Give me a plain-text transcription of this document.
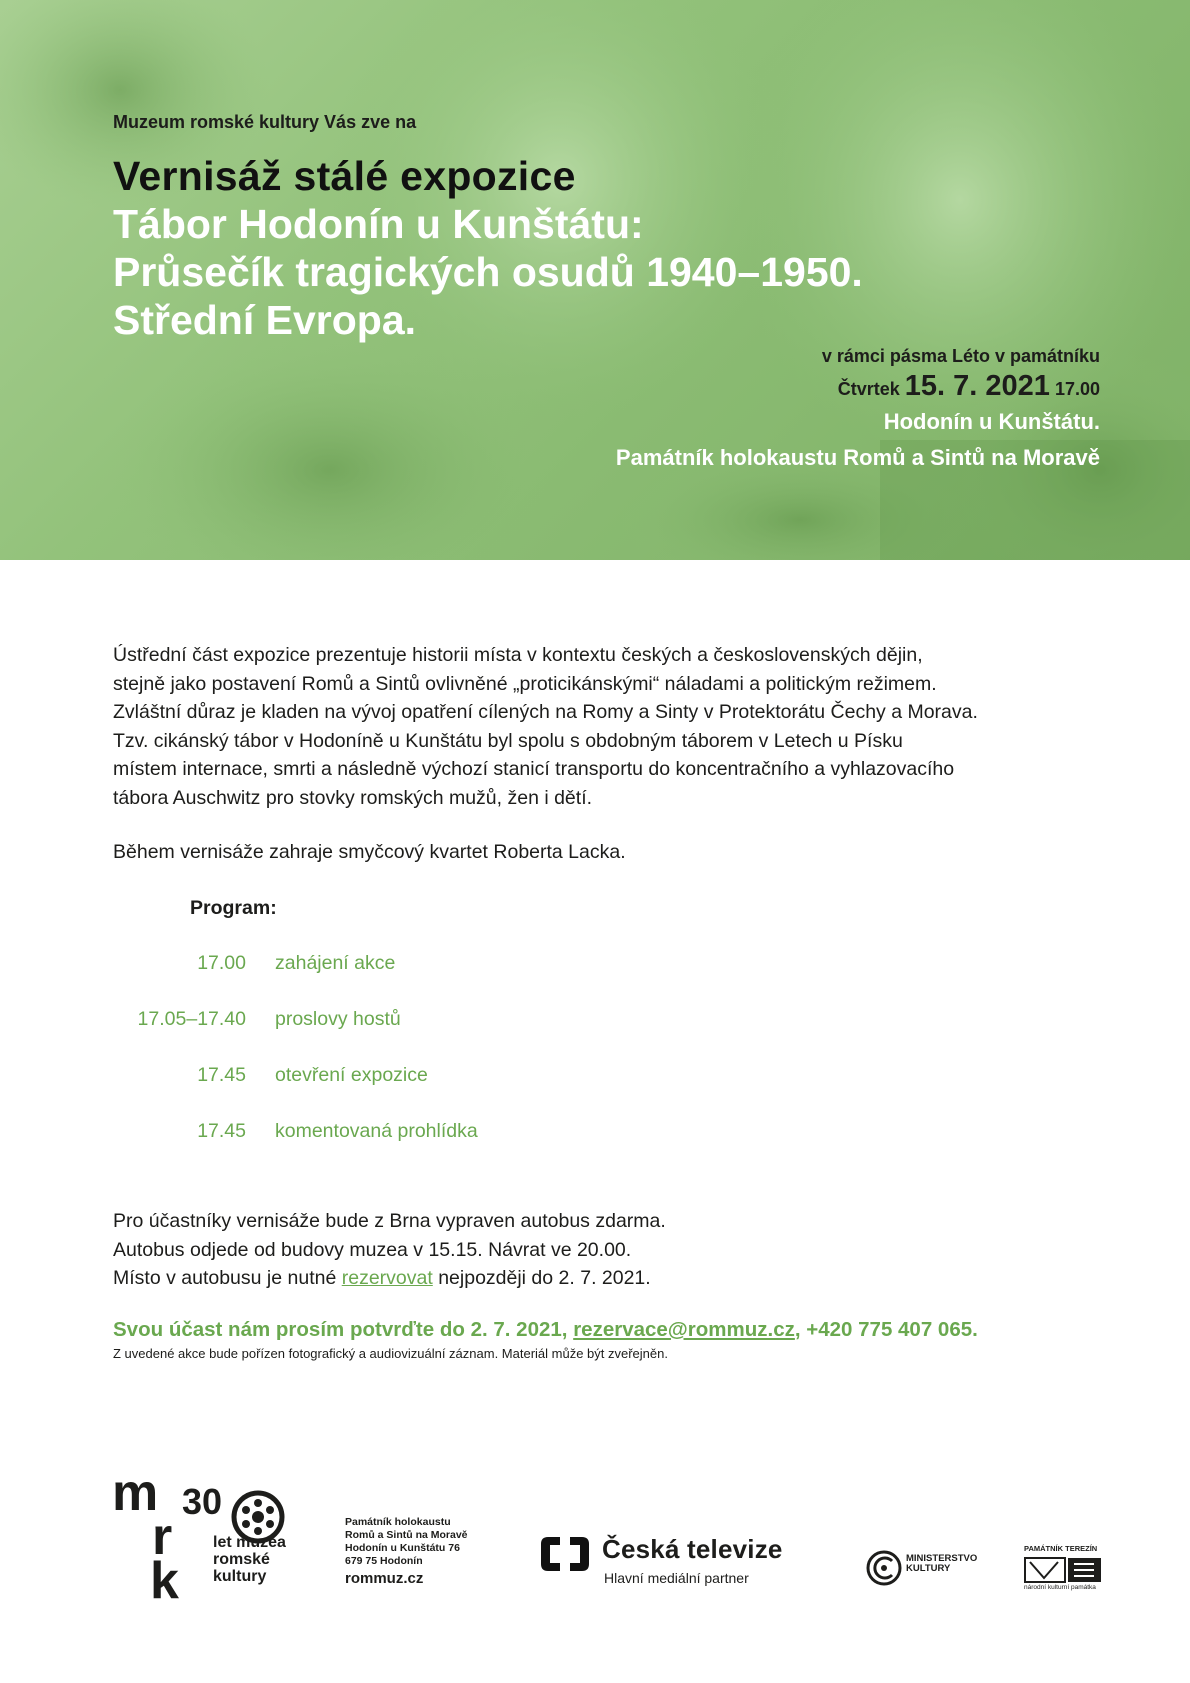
Muzeum romské kultury Vás zve na
Vernisáž stálé expozice
Tábor Hodonín u Kunštátu:
Průsečík tragických osudů 1940–1950.
Střední Evropa.
v rámci pásma Léto v památníku
Čtvrtek 15. 7. 2021 17.00
Hodonín u Kunštátu.
Památník holokaustu Romů a Sintů na Moravě

Ústřední část expozice prezentuje historii místa v kontextu českých a československých dějin,

stejně jako postavení Romů a Sintů ovlivněné „proticikánskými“ náladami a politickým režimem.

Zvláštní důraz je kladen na vývoj opatření cílených na Romy a Sinty v Protektorátu Čechy a Morava.

Tzv. cikánský tábor v Hodoníně u Kunštátu byl spolu s obdobným táborem v Letech u Písku

místem internace, smrti a následně výchozí stanicí transportu do koncentračního a vyhlazovacího

tábora Auschwitz pro stovky romských mužů, žen i dětí.

Během vernisáže zahraje smyčcový kvartet Roberta Lacka.
Program:
17.00 zahájení akce
17.05–17.40 proslovy hostů
17.45 otevření expozice
17.45 komentovaná prohlídka

Pro účastníky vernisáže bude z Brna vypraven autobus zdarma.

Autobus odjede od budovy muzea v 15.15. Návrat ve 20.00.

Místo v autobusu je nutné rezervovat nejpozději do 2. 7. 2021.

Svou účast nám prosím potvrďte do 2. 7. 2021, rezervace@rommuz.cz, +420 775 407 065.
Z uvedené akce bude pořízen fotografický a audiovizuální záznam. Materiál může být zveřejněn.
m
r
k
30
let muzea
romské
kultury
Památník holokaustu
Romů a Sintů na Moravě
Hodonín u Kunštátu 76
679 75 Hodonín
rommuz.cz
Česká televize
Hlavní mediální partner
MINISTERSTVO
KULTURY
PAMÁTNÍK TEREZÍN
národní kulturní památka
